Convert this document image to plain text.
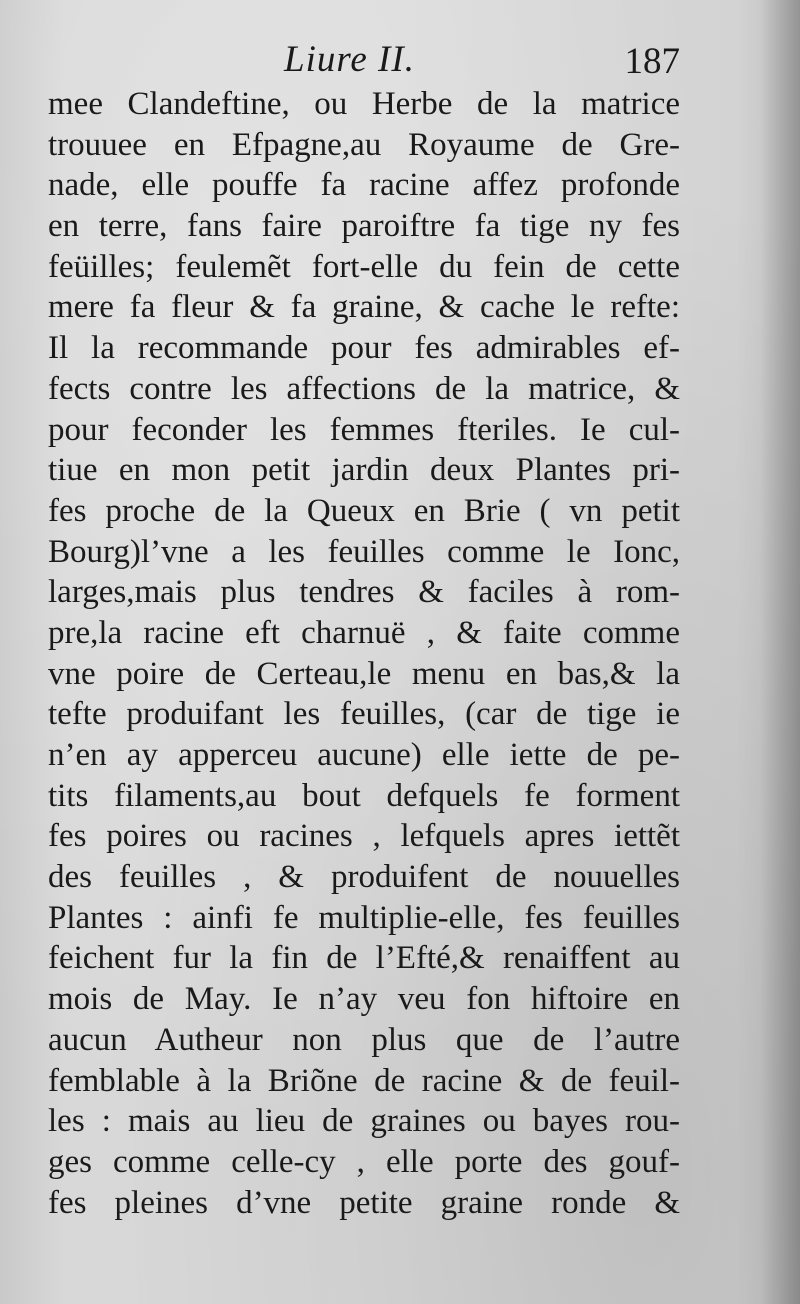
Liure II.	187
mee Clandeftine, ou Herbe de la matrice
trouuee en Efpagne,au Royaume de Gre-
nade, elle pouffe fa racine affez profonde
en terre, fans faire paroiftre fa tige ny fes
feüilles; feulemẽt fort-elle du fein de cette
mere fa fleur & fa graine, & cache le refte:
Il la recommande pour fes admirables ef-
fects contre les affections de la matrice, &
pour feconder les femmes fteriles. Ie cul-
tiue en mon petit jardin deux Plantes pri-
fes proche de la Queux en Brie ( vn petit
Bourg)l’vne a les feuilles comme le Ionc,
larges,mais plus tendres & faciles à rom-
pre,la racine eft charnuë , & faite comme
vne poire de Certeau,le menu en bas,& la
tefte produifant les feuilles, (car de tige ie
n’en ay apperceu aucune) elle iette de pe-
tits filaments,au bout defquels fe forment
fes poires ou racines , lefquels apres iettẽt
des feuilles , & produifent de nouuelles
Plantes : ainfi fe multiplie-elle, fes feuilles
feichent fur la fin de l’Efté,& renaiffent au
mois de May. Ie n’ay veu fon hiftoire en
aucun Autheur non plus que de l’autre
femblable à la Briõne de racine & de feuil-
les : mais au lieu de graines ou bayes rou-
ges comme celle-cy , elle porte des gouf-
fes pleines d’vne petite graine ronde &
